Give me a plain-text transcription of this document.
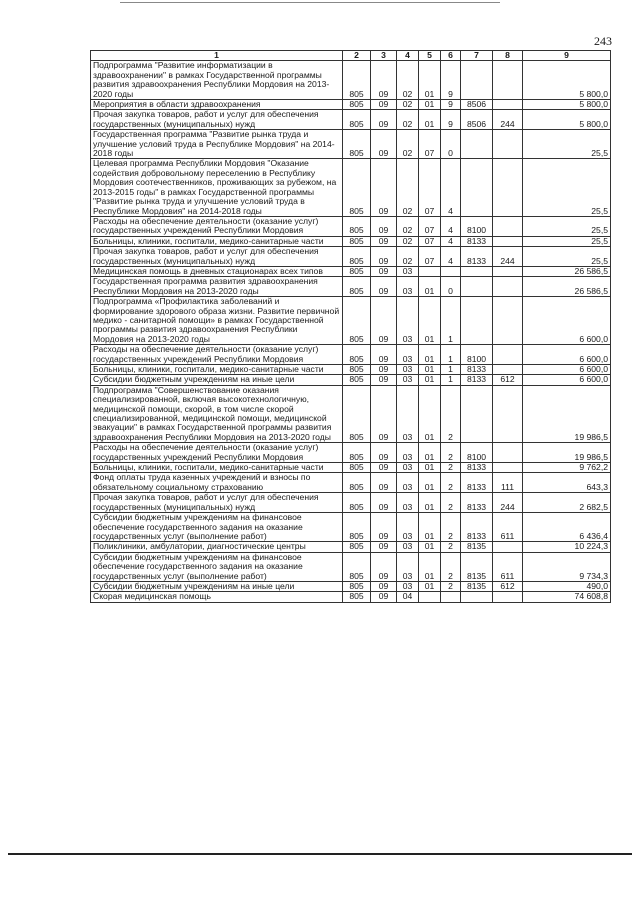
243
1	2	3	4	5	6	7	8	9
Подпрограмма "Развитие информатизации в здравоохранении" в рамках Государственной программы развития здравоохранения Республики Мордовия на 2013-2020 годы	805	09	02	01	9			5 800,0
Мероприятия в области здравоохранения	805	09	02	01	9	8506		5 800,0
Прочая закупка товаров, работ и услуг для обеспечения государственных (муниципальных) нужд	805	09	02	01	9	8506	244	5 800,0
Государственная программа "Развитие рынка труда и улучшение условий труда в Республике Мордовия" на 2014-2018 годы	805	09	02	07	0			25,5
Целевая программа Республики Мордовия "Оказание содействия добровольному переселению в Республику Мордовия соотечественников, проживающих за рубежом, на 2013-2015 годы" в рамках Государственной программы "Развитие рынка труда и улучшение условий труда в Республике Мордовия" на 2014-2018 годы	805	09	02	07	4			25,5
Расходы на обеспечение деятельности (оказание услуг) государственных учреждений Республики Мордовия	805	09	02	07	4	8100		25,5
Больницы, клиники, госпитали, медико-санитарные части	805	09	02	07	4	8133		25,5
Прочая закупка товаров, работ и услуг для обеспечения государственных (муниципальных) нужд	805	09	02	07	4	8133	244	25,5
Медицинская помощь в дневных стационарах всех типов	805	09	03					26 586,5
Государственная программа развития здравоохранения Республики Мордовия на 2013-2020 годы	805	09	03	01	0			26 586,5
Подпрограмма «Профилактика заболеваний и формирование здорового образа жизни. Развитие первичной медико - санитарной помощи» в рамках Государственной программы развития здравоохранения Республики Мордовия на 2013-2020 годы	805	09	03	01	1			6 600,0
Расходы на обеспечение деятельности (оказание услуг) государственных учреждений Республики Мордовия	805	09	03	01	1	8100		6 600,0
Больницы, клиники, госпитали, медико-санитарные части	805	09	03	01	1	8133		6 600,0
Субсидии бюджетным учреждениям на иные цели	805	09	03	01	1	8133	612	6 600,0
Подпрограмма "Совершенствование оказания специализированной, включая высокотехнологичную, медицинской помощи, скорой, в том числе скорой специализированной, медицинской помощи, медицинской эвакуации" в рамках Государственной программы развития здравоохранения Республики Мордовия на 2013-2020 годы	805	09	03	01	2			19 986,5
Расходы на обеспечение деятельности (оказание услуг) государственных учреждений Республики Мордовия	805	09	03	01	2	8100		19 986,5
Больницы, клиники, госпитали, медико-санитарные части	805	09	03	01	2	8133		9 762,2
Фонд оплаты труда казенных учреждений и взносы по обязательному социальному страхованию	805	09	03	01	2	8133	111	643,3
Прочая закупка товаров, работ и услуг для обеспечения государственных (муниципальных) нужд	805	09	03	01	2	8133	244	2 682,5
Субсидии бюджетным учреждениям на финансовое обеспечение государственного задания на оказание государственных услуг (выполнение работ)	805	09	03	01	2	8133	611	6 436,4
Поликлиники, амбулатории, диагностические центры	805	09	03	01	2	8135		10 224,3
Субсидии бюджетным учреждениям на финансовое обеспечение государственного задания на оказание государственных услуг (выполнение работ)	805	09	03	01	2	8135	611	9 734,3
Субсидии бюджетным учреждениям на иные цели	805	09	03	01	2	8135	612	490,0
Скорая медицинская помощь	805	09	04					74 608,8
